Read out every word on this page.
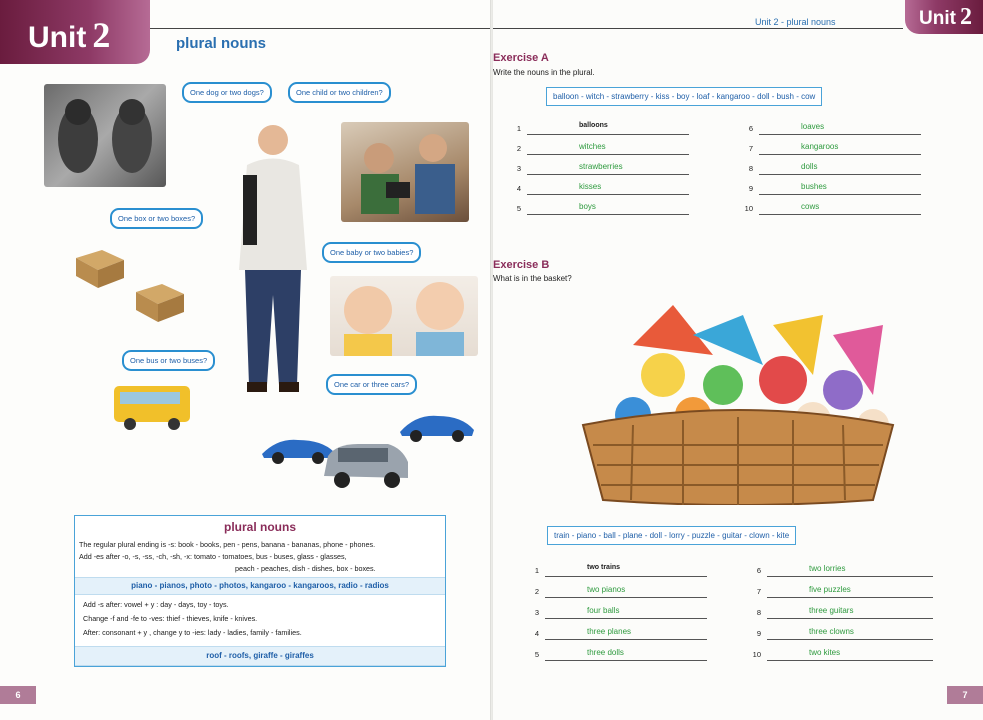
Unit 2	plural nouns
One dog or two dogs?	One child or two children?
One box or two boxes?
One baby or two babies?
One bus or two buses?
One car or three cars?
plural nouns
The regular plural ending is -s: book - books, pen - pens, banana - bananas, phone - phones.
Add -es after -o, -s, -ss, -ch, -sh, -x: tomato - tomatoes, bus - buses, glass - glasses,
peach - peaches, dish - dishes, box - boxes.
piano - pianos, photo - photos, kangaroo - kangaroos, radio - radios
Add -s after: vowel + y : day - days, toy - toys.
Change -f and -fe to -ves: thief - thieves, knife - knives.
After: consonant + y , change y to -ies: lady - ladies, family - families.
roof - roofs, giraffe - giraffes
6
Unit 2 - plural nouns	Unit 2
Exercise A
Write the nouns in the plural.
balloon - witch - strawberry - kiss - boy - loaf - kangaroo - doll - bush - cow
1	balloons
2	witches
3	strawberries
4	kisses
5	boys
6	loaves
7	kangaroos
8	dolls
9	bushes
10	cows
Exercise B
What is in the basket?
train - piano - ball - plane - doll - lorry - puzzle - guitar - clown - kite
1	two trains
2	two pianos
3	four balls
4	three planes
5	three dolls
6	two lorries
7	five puzzles
8	three guitars
9	three clowns
10	two kites
7
